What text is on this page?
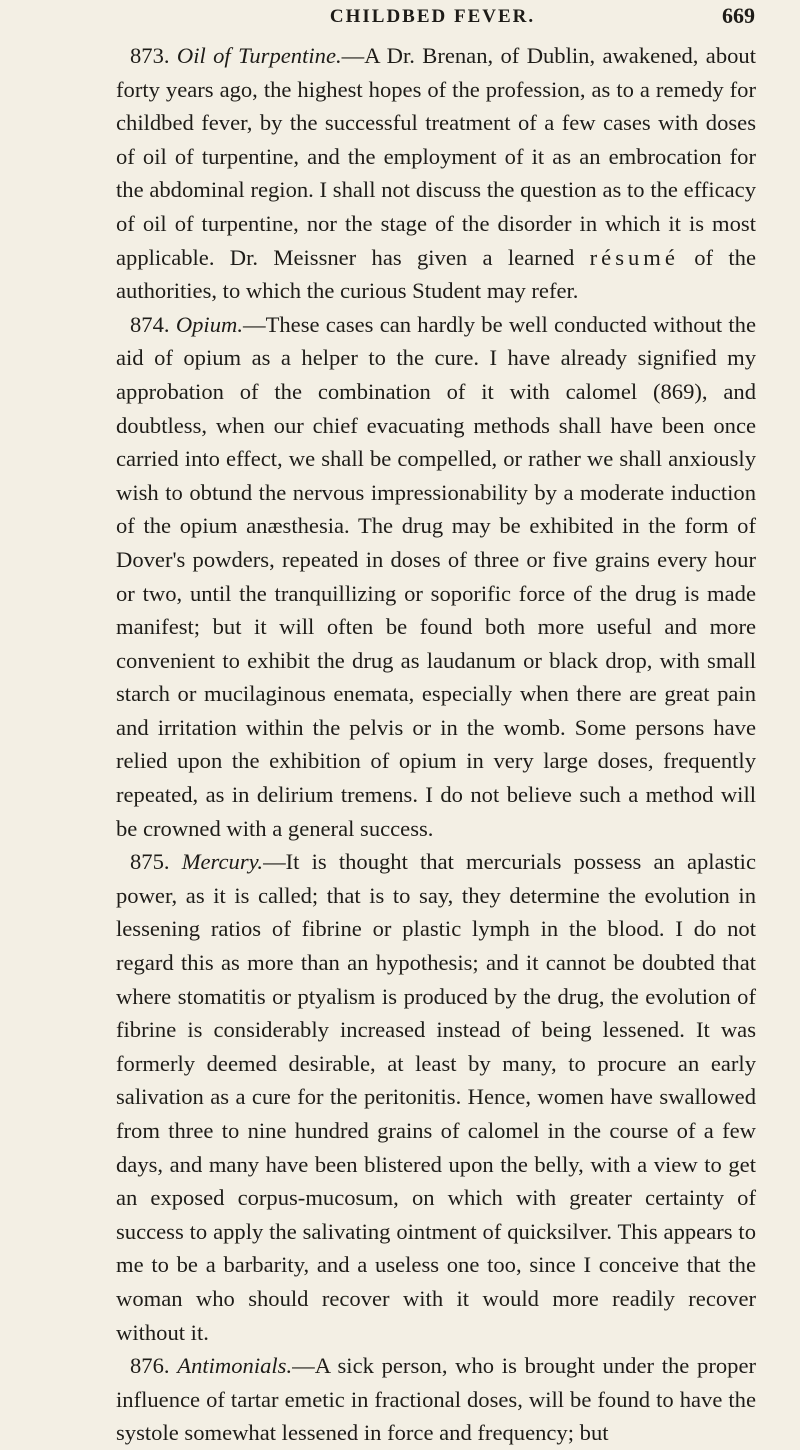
CHILDBED FEVER.	669

873. Oil of Turpentine.—A Dr. Brenan, of Dublin, awakened, about forty years ago, the highest hopes of the profession, as to a remedy for childbed fever, by the successful treatment of a few cases with doses of oil of turpentine, and the employment of it as an embrocation for the abdominal region. I shall not discuss the question as to the efficacy of oil of turpentine, nor the stage of the disorder in which it is most applicable. Dr. Meissner has given a learned résumé of the authorities, to which the curious Student may refer.

874. Opium.—These cases can hardly be well conducted without the aid of opium as a helper to the cure. I have already signified my approbation of the combination of it with calomel (869), and doubtless, when our chief evacuating methods shall have been once carried into effect, we shall be compelled, or rather we shall anxiously wish to obtund the nervous impressionability by a moderate induction of the opium anæsthesia. The drug may be exhibited in the form of Dover's powders, repeated in doses of three or five grains every hour or two, until the tranquillizing or soporific force of the drug is made manifest; but it will often be found both more useful and more convenient to exhibit the drug as laudanum or black drop, with small starch or mucilaginous enemata, especially when there are great pain and irritation within the pelvis or in the womb. Some persons have relied upon the exhibition of opium in very large doses, frequently repeated, as in delirium tremens. I do not believe such a method will be crowned with a general success.

875. Mercury.—It is thought that mercurials possess an aplastic power, as it is called; that is to say, they determine the evolution in lessening ratios of fibrine or plastic lymph in the blood. I do not regard this as more than an hypothesis; and it cannot be doubted that where stomatitis or ptyalism is produced by the drug, the evolution of fibrine is considerably increased instead of being lessened. It was formerly deemed desirable, at least by many, to procure an early salivation as a cure for the peritonitis. Hence, women have swallowed from three to nine hundred grains of calomel in the course of a few days, and many have been blistered upon the belly, with a view to get an exposed corpus-mucosum, on which with greater certainty of success to apply the salivating ointment of quicksilver. This appears to me to be a barbarity, and a useless one too, since I conceive that the woman who should recover with it would more readily recover without it.

876. Antimonials.—A sick person, who is brought under the proper influence of tartar emetic in fractional doses, will be found to have the systole somewhat lessened in force and frequency; but
